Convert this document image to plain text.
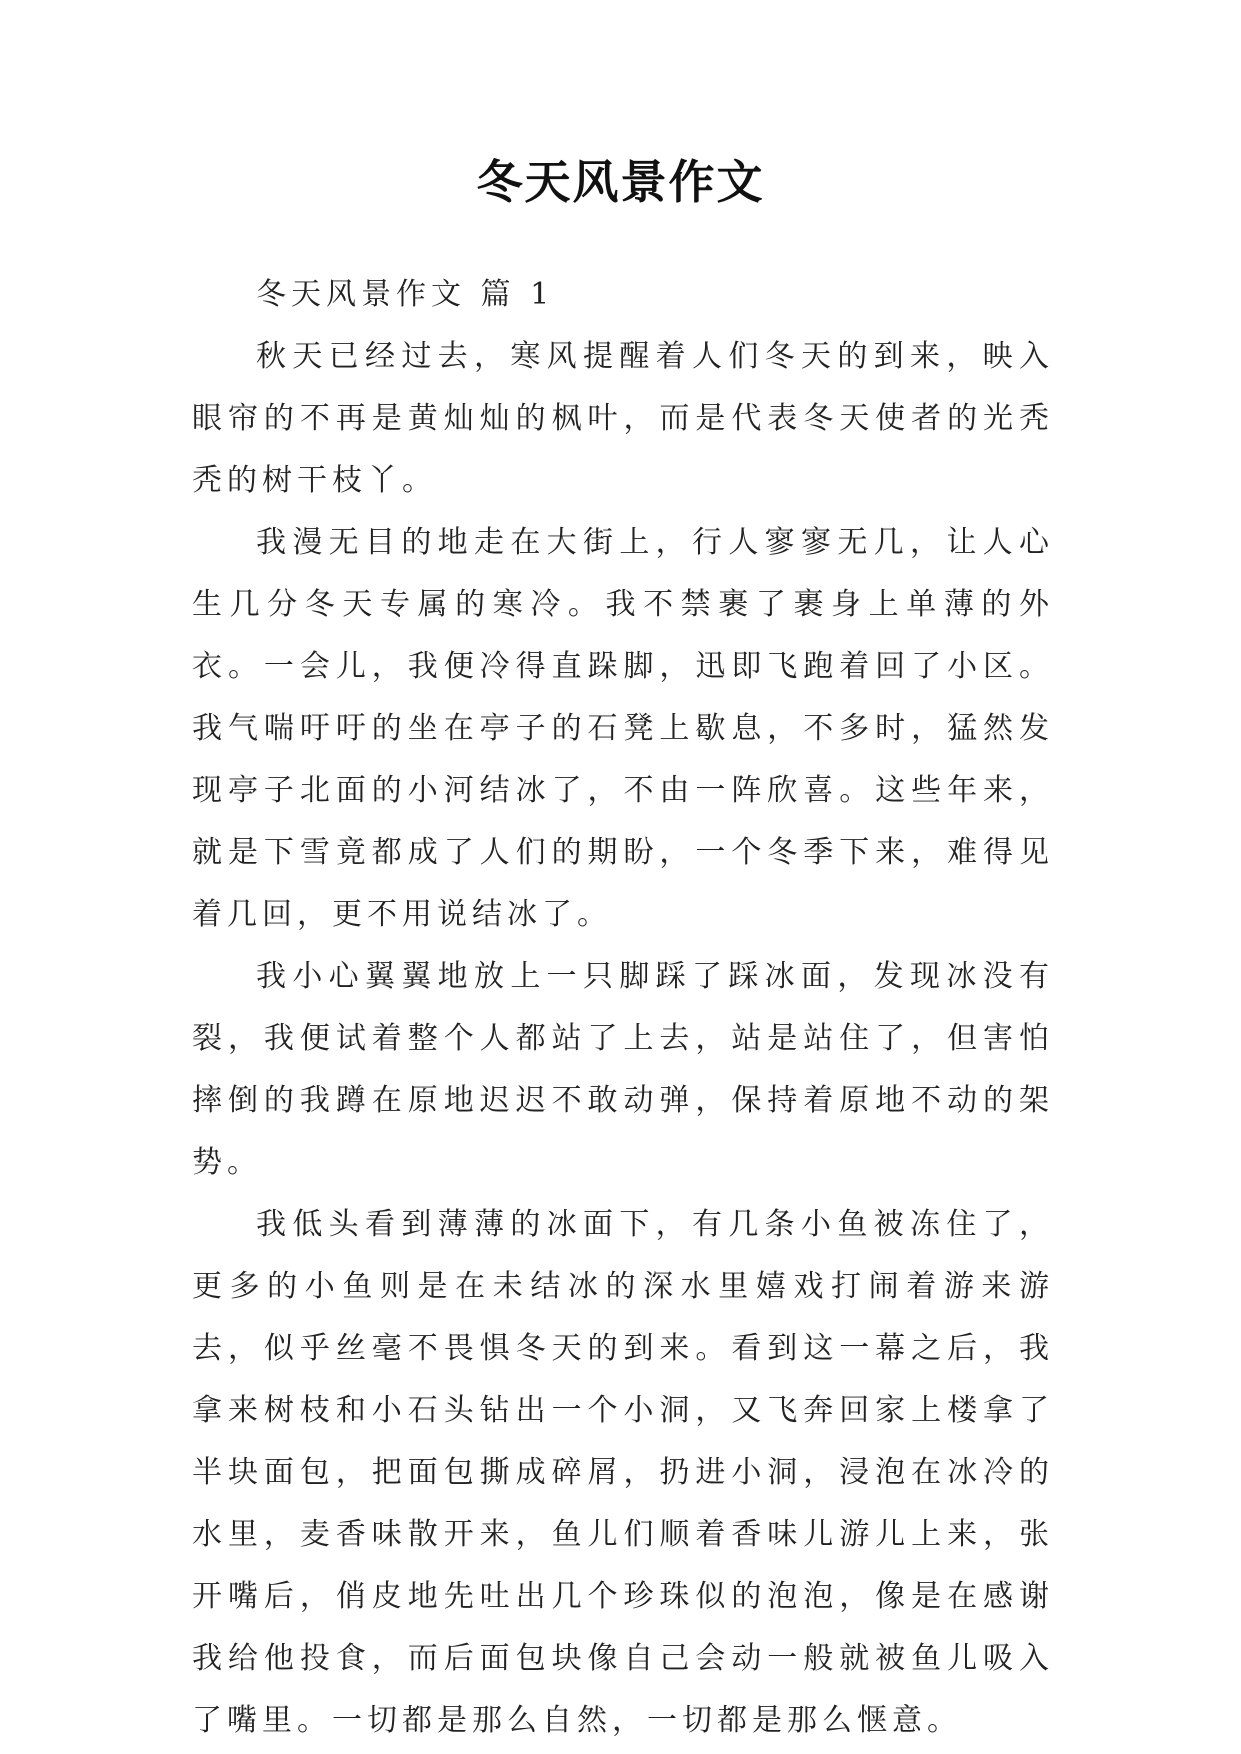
冬天风景作文

冬天风景作文 篇 1

秋天已经过去，寒风提醒着人们冬天的到来，映入眼帘的不再是黄灿灿的枫叶，而是代表冬天使者的光秃秃的树干枝丫。

我漫无目的地走在大街上，行人寥寥无几，让人心生几分冬天专属的寒冷。我不禁裹了裹身上单薄的外衣。一会儿，我便冷得直跺脚，迅即飞跑着回了小区。我气喘吁吁的坐在亭子的石凳上歇息，不多时，猛然发现亭子北面的小河结冰了，不由一阵欣喜。这些年来，就是下雪竟都成了人们的期盼，一个冬季下来，难得见着几回，更不用说结冰了。

我小心翼翼地放上一只脚踩了踩冰面，发现冰没有裂，我便试着整个人都站了上去，站是站住了，但害怕摔倒的我蹲在原地迟迟不敢动弹，保持着原地不动的架势。

我低头看到薄薄的冰面下，有几条小鱼被冻住了，更多的小鱼则是在未结冰的深水里嬉戏打闹着游来游去，似乎丝毫不畏惧冬天的到来。看到这一幕之后，我拿来树枝和小石头钻出一个小洞，又飞奔回家上楼拿了半块面包，把面包撕成碎屑，扔进小洞，浸泡在冰冷的水里，麦香味散开来，鱼儿们顺着香味儿游儿上来，张开嘴后，俏皮地先吐出几个珍珠似的泡泡，像是在感谢我给他投食，而后面包块像自己会动一般就被鱼儿吸入了嘴里。一切都是那么自然，一切都是那么惬意。
